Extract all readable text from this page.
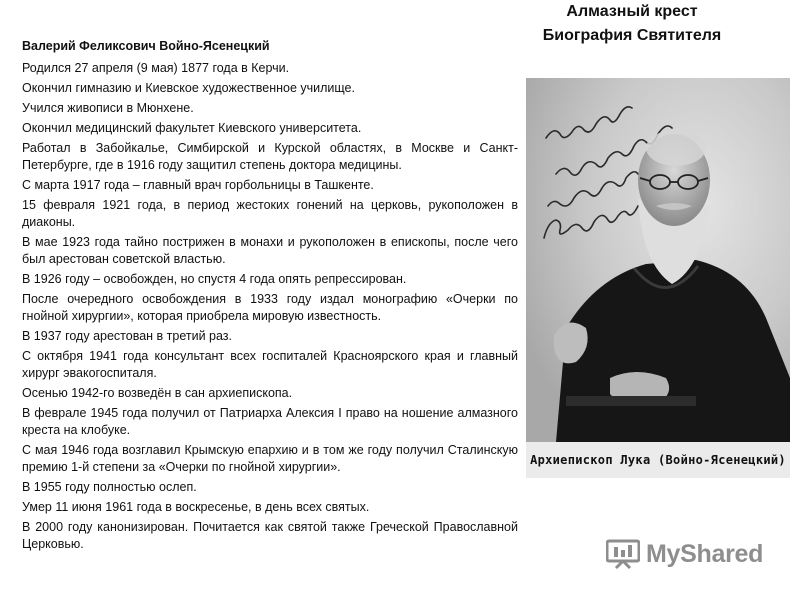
Алмазный крест
Биография Святителя
Валерий Феликсович Войно-Ясенецкий

Родился 27 апреля (9 мая) 1877 года в Керчи.

Окончил гимназию и Киевское художественное училище.

Учился живописи в Мюнхене.

Окончил медицинский факультет Киевского университета.

Работал в Забойкалье, Симбирской и Курской областях, в Москве и Санкт-Петербурге, где в 1916 году защитил степень доктора медицины.

С марта 1917 года – главный врач горбольницы в Ташкенте.

15 февраля 1921 года, в период жестоких гонений на церковь, рукоположен в диаконы.

В мае 1923 года тайно пострижен в монахи и рукоположен в епископы, после чего был арестован советской властью.

В 1926 году – освобожден, но спустя 4 года опять репрессирован.

После очередного освобождения в 1933 году издал монографию «Очерки по гнойной хирургии», которая приобрела мировую известность.

В 1937 году арестован в третий раз.

С октября 1941 года консультант всех госпиталей Красноярского края и главный хирург эвакогоспиталя.

Осенью 1942-го возведён в сан архиепископа.

В феврале 1945 года получил от Патриарха Алексия I право на ношение алмазного креста на клобуке.

С мая 1946 года возглавил Крымскую епархию и в том же году получил Сталинскую премию 1-й степени за «Очерки по гнойной хирургии».

В 1955 году полностью ослеп.

Умер 11 июня 1961 года в воскресенье, в день всех святых.

В 2000 году канонизирован. Почитается как святой также Греческой Православной Церковью.

Архиепископ Лука (Войно-Ясенецкий)
MyShared
